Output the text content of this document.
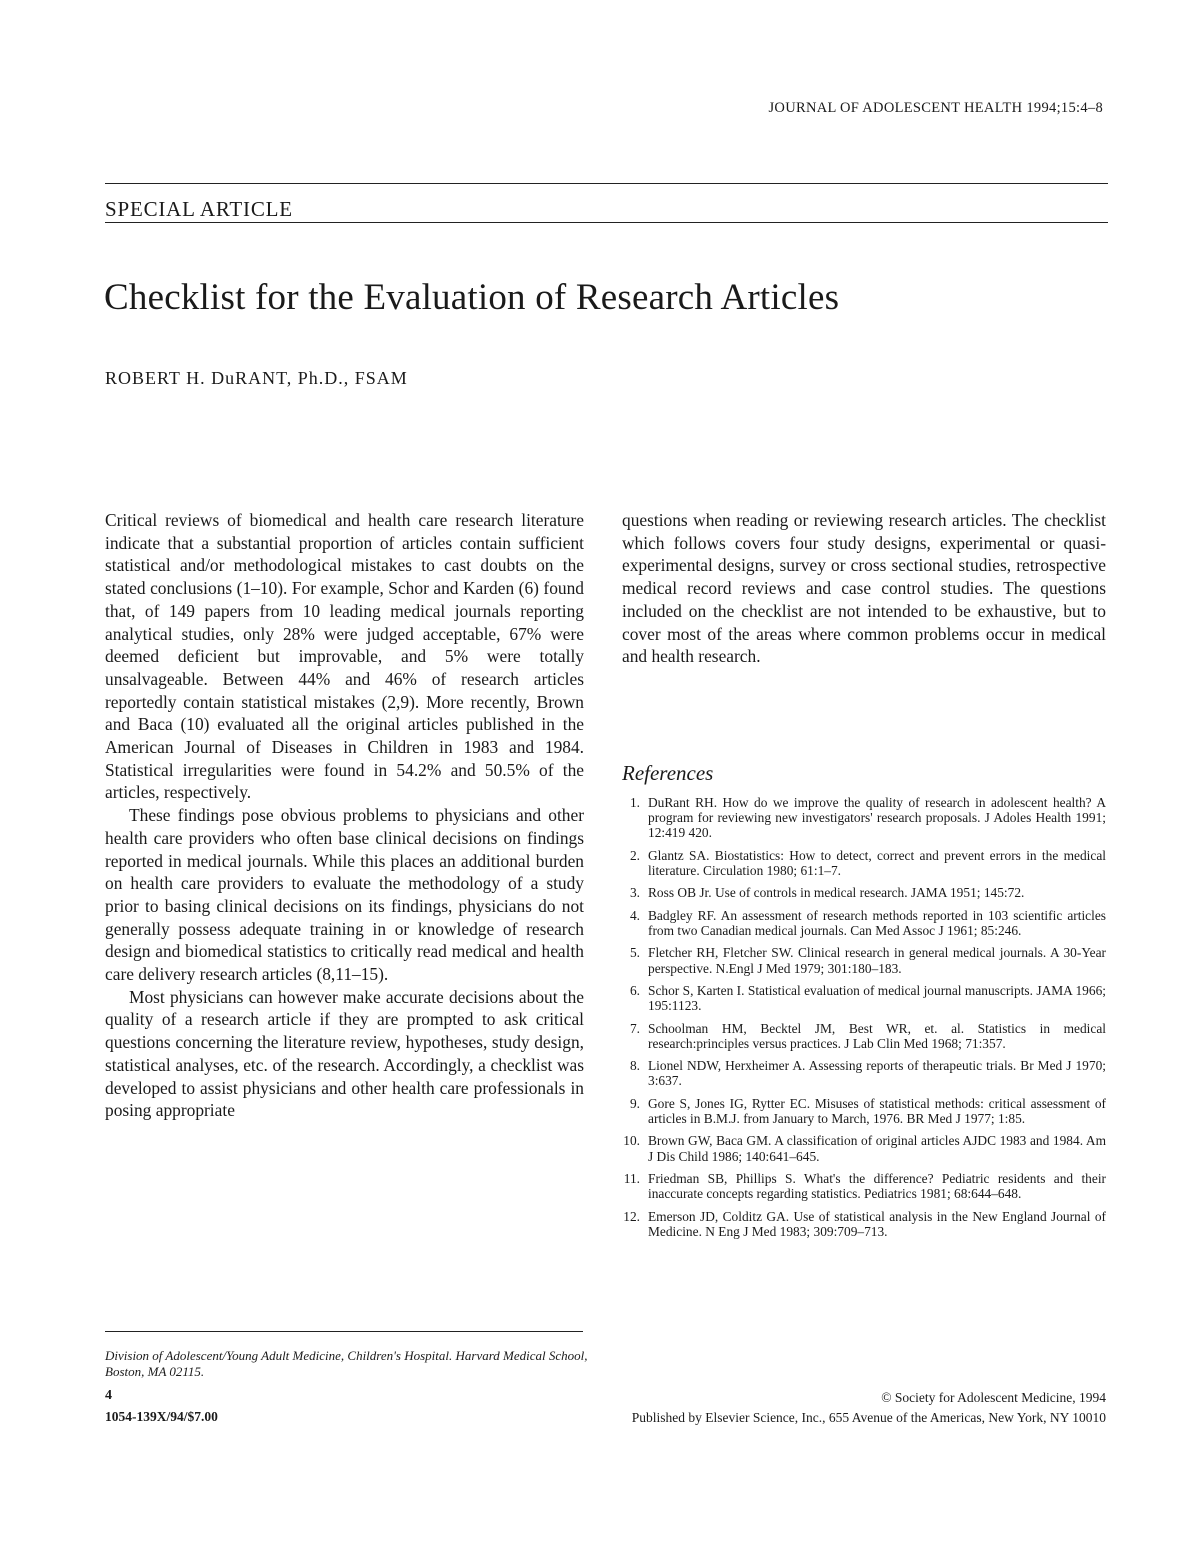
JOURNAL OF ADOLESCENT HEALTH 1994;15:4–8
SPECIAL ARTICLE
Checklist for the Evaluation of Research Articles
ROBERT H. DuRANT, Ph.D., FSAM

Critical reviews of biomedical and health care research literature indicate that a substantial proportion of articles contain sufficient statistical and/or methodological mistakes to cast doubts on the stated conclusions (1–10). For example, Schor and Karden (6) found that, of 149 papers from 10 leading medical journals reporting analytical studies, only 28% were judged acceptable, 67% were deemed deficient but improvable, and 5% were totally unsalvageable. Between 44% and 46% of research articles reportedly contain statistical mistakes (2,9). More recently, Brown and Baca (10) evaluated all the original articles published in the American Journal of Diseases in Children in 1983 and 1984. Statistical irregularities were found in 54.2% and 50.5% of the articles, respectively.

These findings pose obvious problems to physicians and other health care providers who often base clinical decisions on findings reported in medical journals. While this places an additional burden on health care providers to evaluate the methodology of a study prior to basing clinical decisions on its findings, physicians do not generally possess adequate training in or knowledge of research design and biomedical statistics to critically read medical and health care delivery research articles (8,11–15).

Most physicians can however make accurate decisions about the quality of a research article if they are prompted to ask critical questions concerning the literature review, hypotheses, study design, statistical analyses, etc. of the research. Accordingly, a checklist was developed to assist physicians and other health care professionals in posing appropriate

questions when reading or reviewing research articles. The checklist which follows covers four study designs, experimental or quasi-experimental designs, survey or cross sectional studies, retrospective medical record reviews and case control studies. The questions included on the checklist are not intended to be exhaustive, but to cover most of the areas where common problems occur in medical and health research.

References
1. DuRant RH. How do we improve the quality of research in adolescent health? A program for reviewing new investigators' research proposals. J Adoles Health 1991; 12:419 420.
2. Glantz SA. Biostatistics: How to detect, correct and prevent errors in the medical literature. Circulation 1980; 61:1–7.
3. Ross OB Jr. Use of controls in medical research. JAMA 1951; 145:72.
4. Badgley RF. An assessment of research methods reported in 103 scientific articles from two Canadian medical journals. Can Med Assoc J 1961; 85:246.
5. Fletcher RH, Fletcher SW. Clinical research in general medical journals. A 30-Year perspective. N.Engl J Med 1979; 301:180–183.
6. Schor S, Karten I. Statistical evaluation of medical journal manuscripts. JAMA 1966; 195:1123.
7. Schoolman HM, Becktel JM, Best WR, et. al. Statistics in medical research:principles versus practices. J Lab Clin Med 1968; 71:357.
8. Lionel NDW, Herxheimer A. Assessing reports of therapeutic trials. Br Med J 1970; 3:637.
9. Gore S, Jones IG, Rytter EC. Misuses of statistical methods: critical assessment of articles in B.M.J. from January to March, 1976. BR Med J 1977; 1:85.
10. Brown GW, Baca GM. A classification of original articles AJDC 1983 and 1984. Am J Dis Child 1986; 140:641–645.
11. Friedman SB, Phillips S. What's the difference? Pediatric residents and their inaccurate concepts regarding statistics. Pediatrics 1981; 68:644–648.
12. Emerson JD, Colditz GA. Use of statistical analysis in the New England Journal of Medicine. N Eng J Med 1983; 309:709–713.
Division of Adolescent/Young Adult Medicine, Children's Hospital. Harvard Medical School, Boston, MA 02115.
4
1054-139X/94/$7.00
© Society for Adolescent Medicine, 1994
Published by Elsevier Science, Inc., 655 Avenue of the Americas, New York, NY 10010
